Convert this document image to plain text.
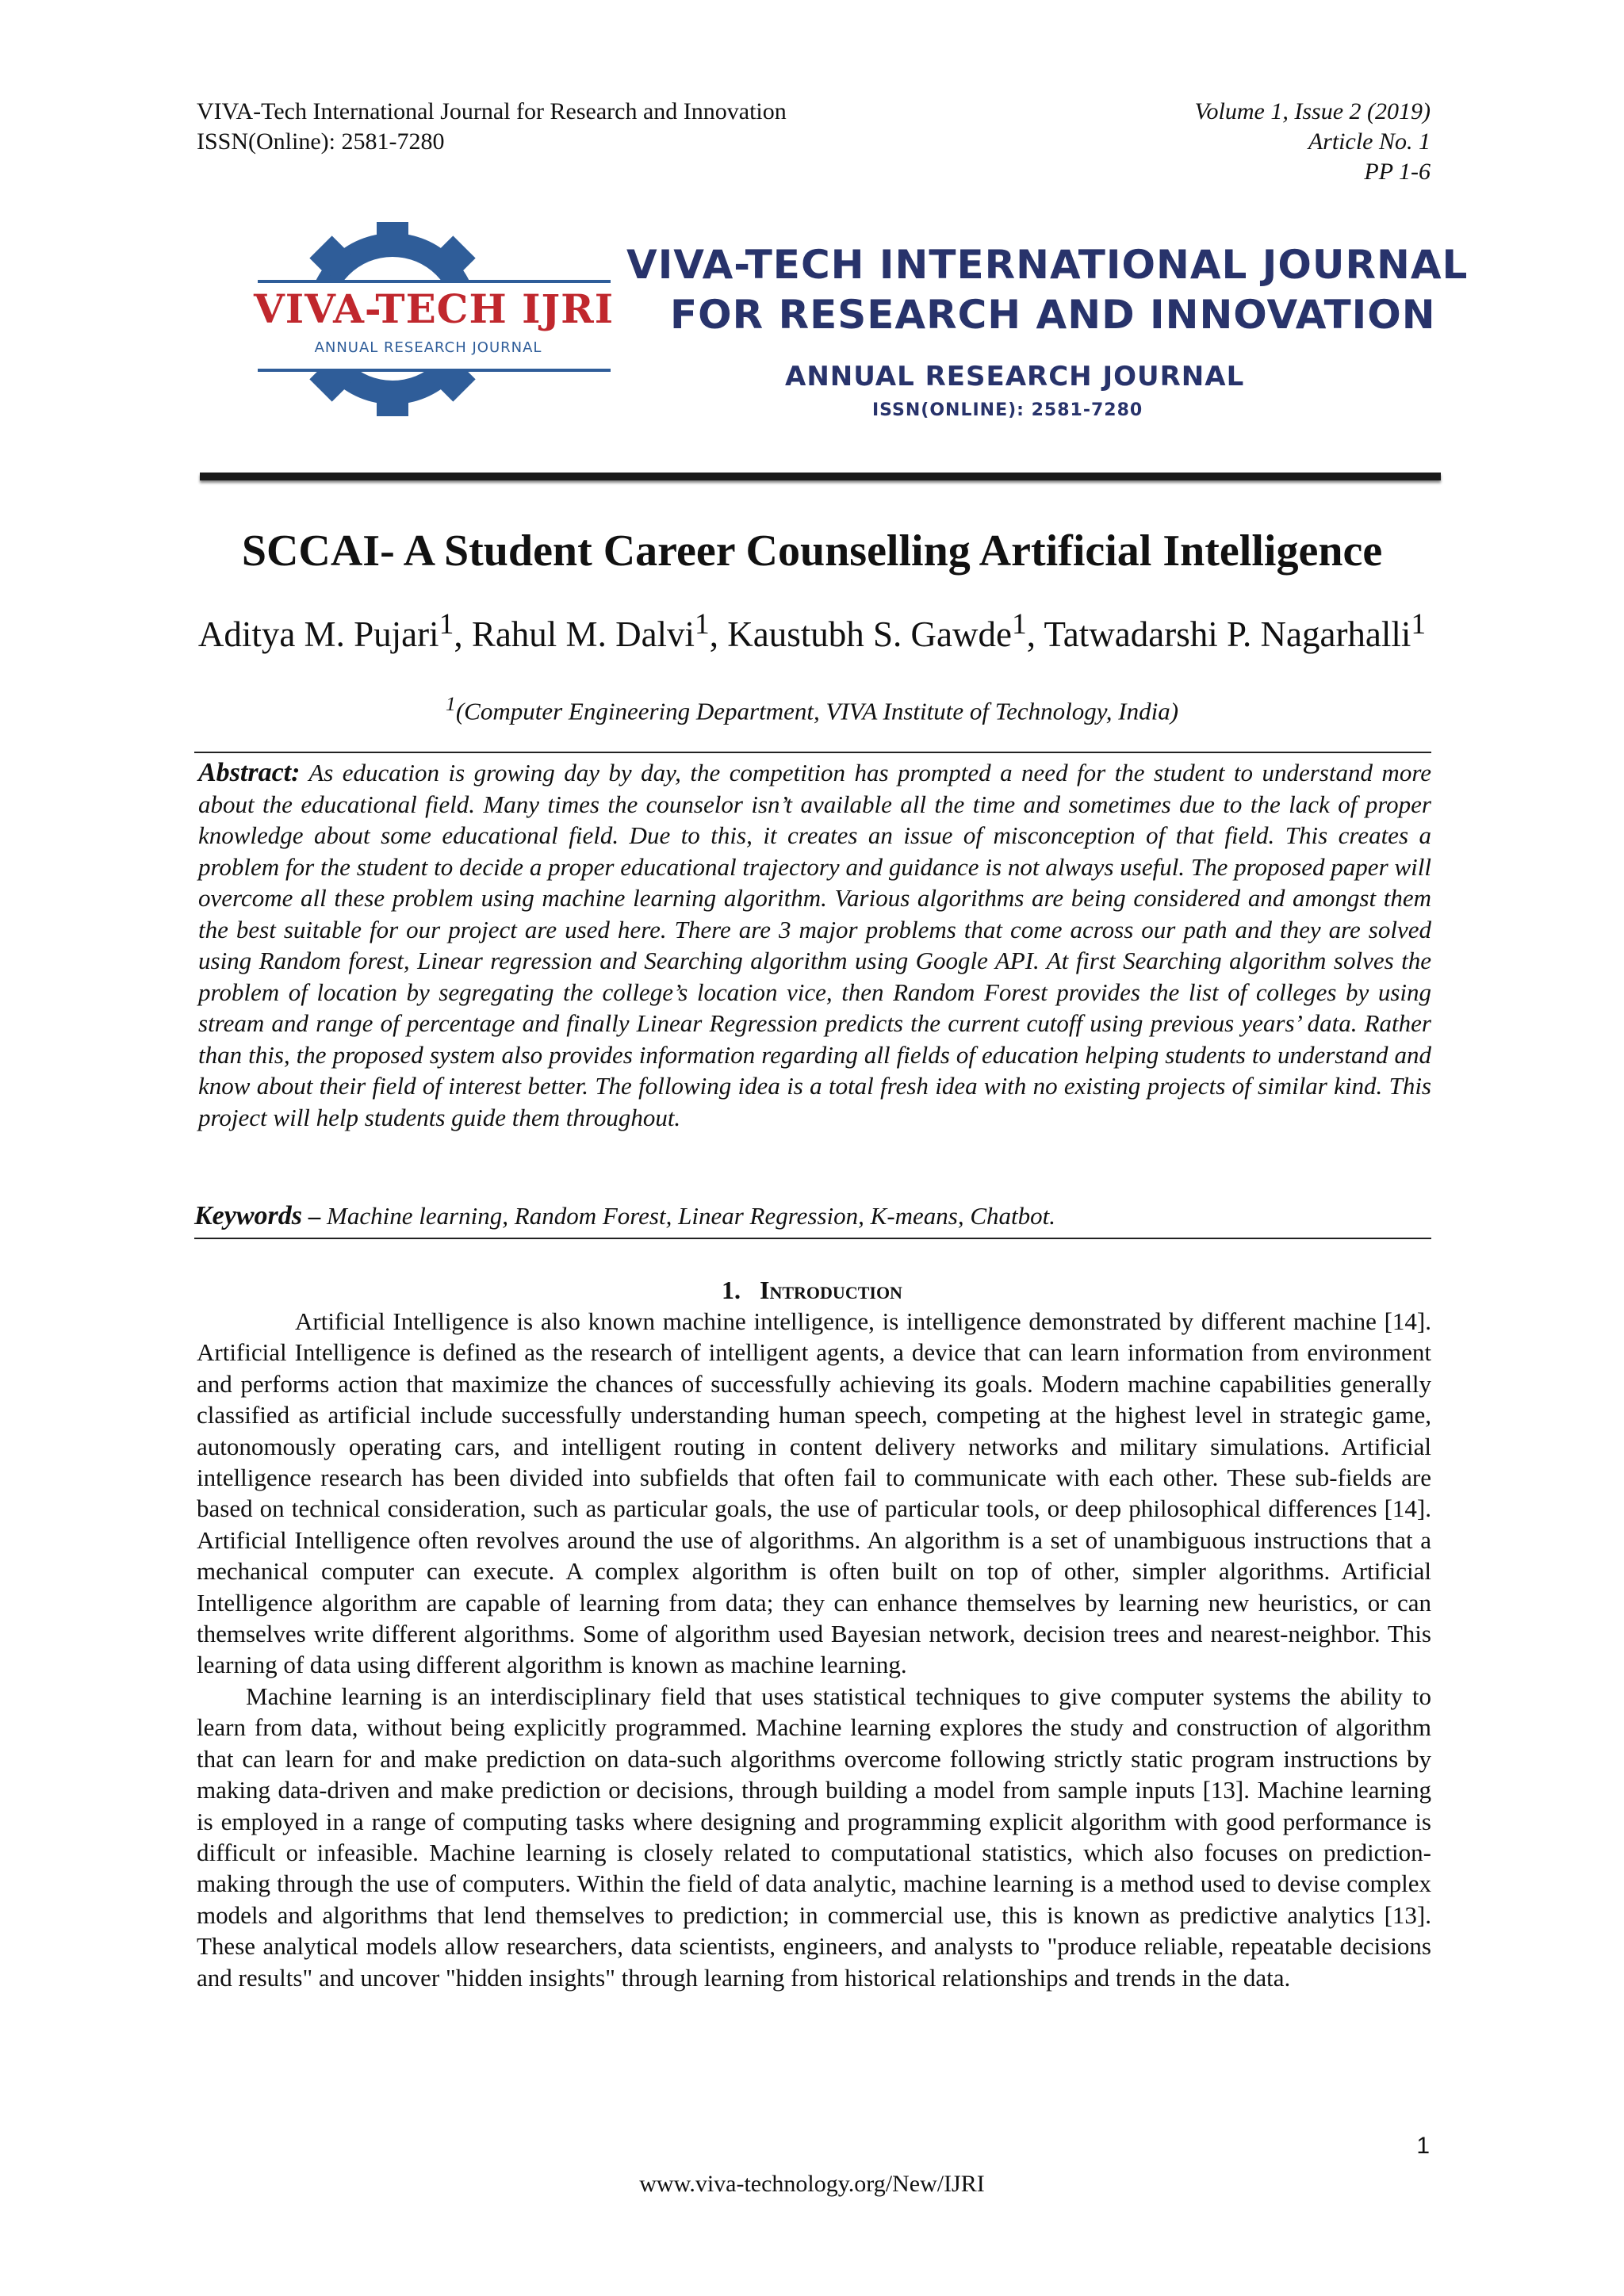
VIVA-Tech International Journal for Research and Innovation
ISSN(Online): 2581-7280
Volume 1, Issue 2 (2019)
Article No. 1
PP 1-6
VIVA-TECH IJRI
ANNUAL RESEARCH JOURNAL
VIVA-TECH INTERNATIONAL JOURNAL
FOR RESEARCH AND INNOVATION
ANNUAL RESEARCH JOURNAL
ISSN(ONLINE): 2581-7280
SCCAI- A Student Career Counselling Artificial Intelligence
Aditya M. Pujari$^1$, Rahul M. Dalvi$^1$, Kaustubh S. Gawde$^1$, Tatwadarshi P. Nagarhalli$^1$
$^1$(Computer Engineering Department, VIVA Institute of Technology, India)
Abstract: As education is growing day by day, the competition has prompted a need for the student to understand more about the educational field. Many times the counselor isn’t available all the time and sometimes due to the lack of proper knowledge about some educational field. Due to this, it creates an issue of misconception of that field. This creates a problem for the student to decide a proper educational trajectory and guidance is not always useful. The proposed paper will overcome all these problem using machine learning algorithm. Various algorithms are being considered and amongst them the best suitable for our project are used here. There are 3 major problems that come across our path and they are solved using Random forest, Linear regression and Searching algorithm using Google API. At first Searching algorithm solves the problem of location by segregating the college’s location vice, then Random Forest provides the list of colleges by using stream and range of percentage and finally Linear Regression predicts the current cutoff using previous years’ data. Rather than this, the proposed system also provides information regarding all fields of education helping students to understand and know about their field of interest better. The following idea is a total fresh idea with no existing projects of similar kind. This project will help students guide them throughout.
Keywords – Machine learning, Random Forest, Linear Regression, K-means, Chatbot.
1. Introduction

Artificial Intelligence is also known machine intelligence, is intelligence demonstrated by different machine [14]. Artificial Intelligence is defined as the research of intelligent agents, a device that can learn information from environment and performs action that maximize the chances of successfully achieving its goals. Modern machine capabilities generally classified as artificial include successfully understanding human speech, competing at the highest level in strategic game, autonomously operating cars, and intelligent routing in content delivery networks and military simulations. Artificial intelligence research has been divided into subfields that often fail to communicate with each other. These sub-fields are based on technical consideration, such as particular goals, the use of particular tools, or deep philosophical differences [14]. Artificial Intelligence often revolves around the use of algorithms. An algorithm is a set of unambiguous instructions that a mechanical computer can execute. A complex algorithm is often built on top of other, simpler algorithms. Artificial Intelligence algorithm are capable of learning from data; they can enhance themselves by learning new heuristics, or can themselves write different algorithms. Some of algorithm used Bayesian network, decision trees and nearest-neighbor. This learning of data using different algorithm is known as machine learning.

Machine learning is an interdisciplinary field that uses statistical techniques to give computer systems the ability to learn from data, without being explicitly programmed. Machine learning explores the study and construction of algorithm that can learn for and make prediction on data-such algorithms overcome following strictly static program instructions by making data-driven and make prediction or decisions, through building a model from sample inputs [13]. Machine learning is employed in a range of computing tasks where designing and programming explicit algorithm with good performance is difficult or infeasible. Machine learning is closely related to computational statistics, which also focuses on prediction-making through the use of computers. Within the field of data analytic, machine learning is a method used to devise complex models and algorithms that lend themselves to prediction; in commercial use, this is known as predictive analytics [13]. These analytical models allow researchers, data scientists, engineers, and analysts to "produce reliable, repeatable decisions and results" and uncover "hidden insights" through learning from historical relationships and trends in the data.

1
www.viva-technology.org/New/IJRI
